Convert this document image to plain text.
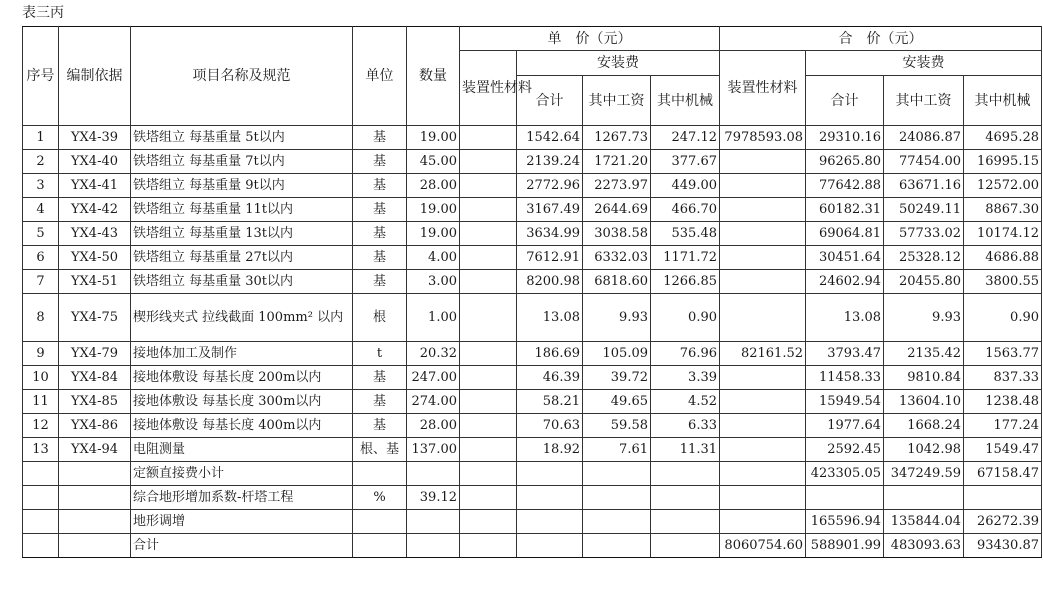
表三丙
序号	编制依据	项目名称及规范	单位	数量	单　价（元）				合　价（元）			
					装置性材料	安装费			装置性材料	安装费		
						合计	其中工资	其中机械		合计	其中工资	其中机械
1	YX4-39	铁塔组立 每基重量 5t以内	基	19.00		1542.64	1267.73	247.12	7978593.08	29310.16	24086.87	4695.28
2	YX4-40	铁塔组立 每基重量 7t以内	基	45.00		2139.24	1721.20	377.67		96265.80	77454.00	16995.15
3	YX4-41	铁塔组立 每基重量 9t以内	基	28.00		2772.96	2273.97	449.00		77642.88	63671.16	12572.00
4	YX4-42	铁塔组立 每基重量 11t以内	基	19.00		3167.49	2644.69	466.70		60182.31	50249.11	8867.30
5	YX4-43	铁塔组立 每基重量 13t以内	基	19.00		3634.99	3038.58	535.48		69064.81	57733.02	10174.12
6	YX4-50	铁塔组立 每基重量 27t以内	基	4.00		7612.91	6332.03	1171.72		30451.64	25328.12	4686.88
7	YX4-51	铁塔组立 每基重量 30t以内	基	3.00		8200.98	6818.60	1266.85		24602.94	20455.80	3800.55
8	YX4-75	楔形线夹式 拉线截面 100mm² 以内	根	1.00		13.08	9.93	0.90		13.08	9.93	0.90
9	YX4-79	接地体加工及制作	t	20.32		186.69	105.09	76.96	82161.52	3793.47	2135.42	1563.77
10	YX4-84	接地体敷设 每基长度 200m以内	基	247.00		46.39	39.72	3.39		11458.33	9810.84	837.33
11	YX4-85	接地体敷设 每基长度 300m以内	基	274.00		58.21	49.65	4.52		15949.54	13604.10	1238.48
12	YX4-86	接地体敷设 每基长度 400m以内	基	28.00		70.63	59.58	6.33		1977.64	1668.24	177.24
13	YX4-94	电阻测量	根、基	137.00		18.92	7.61	11.31		2592.45	1042.98	1549.47
		定额直接费小计								423305.05	347249.59	67158.47
		综合地形增加系数-杆塔工程	%	39.12								
		地形调增								165596.94	135844.04	26272.39
		合计							8060754.60	588901.99	483093.63	93430.87
